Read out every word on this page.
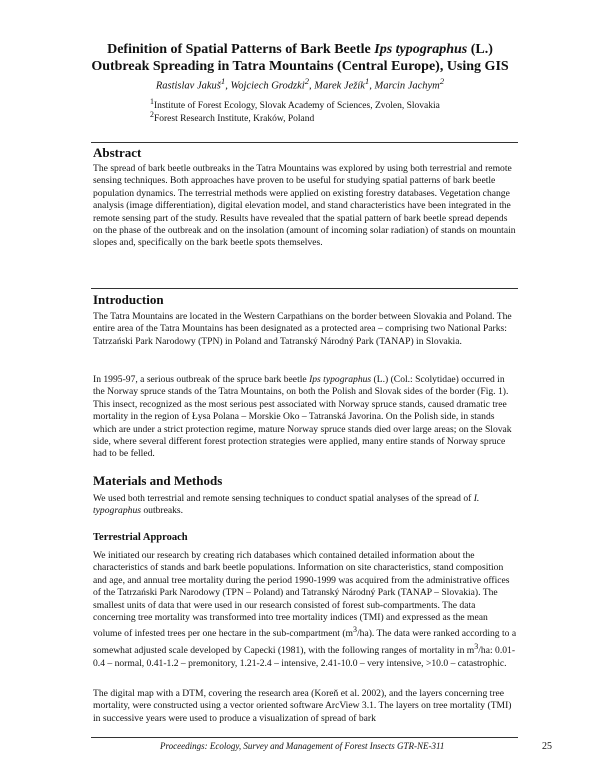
Definition of Spatial Patterns of Bark Beetle Ips typographus (L.)
Outbreak Spreading in Tatra Mountains (Central Europe), Using GIS
Rastislav Jakuš$^1$, Wojciech Grodzki$^2$, Marek Ježík$^1$, Marcin Jachym$^2$
$^1$Institute of Forest Ecology, Slovak Academy of Sciences, Zvolen, Slovakia
$^2$Forest Research Institute, Kraków, Poland
Abstract

The spread of bark beetle outbreaks in the Tatra Mountains was explored by using both terrestrial and remote sensing techniques. Both approaches have proven to be useful for studying spatial patterns of bark beetle population dynamics. The terrestrial methods were applied on existing forestry databases. Vegetation change analysis (image differentiation), digital elevation model, and stand characteristics have been integrated in the remote sensing part of the study. Results have revealed that the spatial pattern of bark beetle spread depends on the phase of the outbreak and on the insolation (amount of incoming solar radiation) of stands on mountain slopes and, specifically on the bark beetle spots themselves.

Introduction

The Tatra Mountains are located in the Western Carpathians on the border between Slovakia and Poland. The entire area of the Tatra Mountains has been designated as a protected area – comprising two National Parks: Tatrzański Park Narodowy (TPN) in Poland and Tatranský Národný Park (TANAP) in Slovakia.

In 1995-97, a serious outbreak of the spruce bark beetle Ips typographus (L.) (Col.: Scolytidae) occurred in the Norway spruce stands of the Tatra Mountains, on both the Polish and Slovak sides of the border (Fig. 1). This insect, recognized as the most serious pest associated with Norway spruce stands, caused dramatic tree mortality in the region of Łysa Polana – Morskie Oko – Tatranská Javorina. On the Polish side, in stands which are under a strict protection regime, mature Norway spruce stands died over large areas; on the Slovak side, where several different forest protection strategies were applied, many entire stands of Norway spruce had to be felled.

Materials and Methods

We used both terrestrial and remote sensing techniques to conduct spatial analyses of the spread of I. typographus outbreaks.

Terrestrial Approach

We initiated our research by creating rich databases which contained detailed information about the characteristics of stands and bark beetle populations. Information on site characteristics, stand composition and age, and annual tree mortality during the period 1990-1999 was acquired from the administrative offices of the Tatrzański Park Narodowy (TPN – Poland) and Tatranský Národný Park (TANAP – Slovakia). The smallest units of data that were used in our research consisted of forest sub-compartments. The data concerning tree mortality was transformed into tree mortality indices (TMI) and expressed as the mean volume of infested trees per one hectare in the sub-compartment $(m^3/ha)$. The data were ranked according to a somewhat adjusted scale developed by Capecki (1981), with the following ranges of mortality in $m^3/ha$: 0.01-0.4 – normal, 0.41-1.2 – premonitory, 1.21-2.4 – intensive, 2.41-10.0 – very intensive, >10.0 – catastrophic.

The digital map with a DTM, covering the research area (Koreň et al. 2002), and the layers concerning tree mortality, were constructed using a vector oriented software ArcView 3.1. The layers on tree mortality (TMI) in successive years were used to produce a visualization of spread of bark

Proceedings: Ecology, Survey and Management of Forest Insects GTR-NE-311	25
